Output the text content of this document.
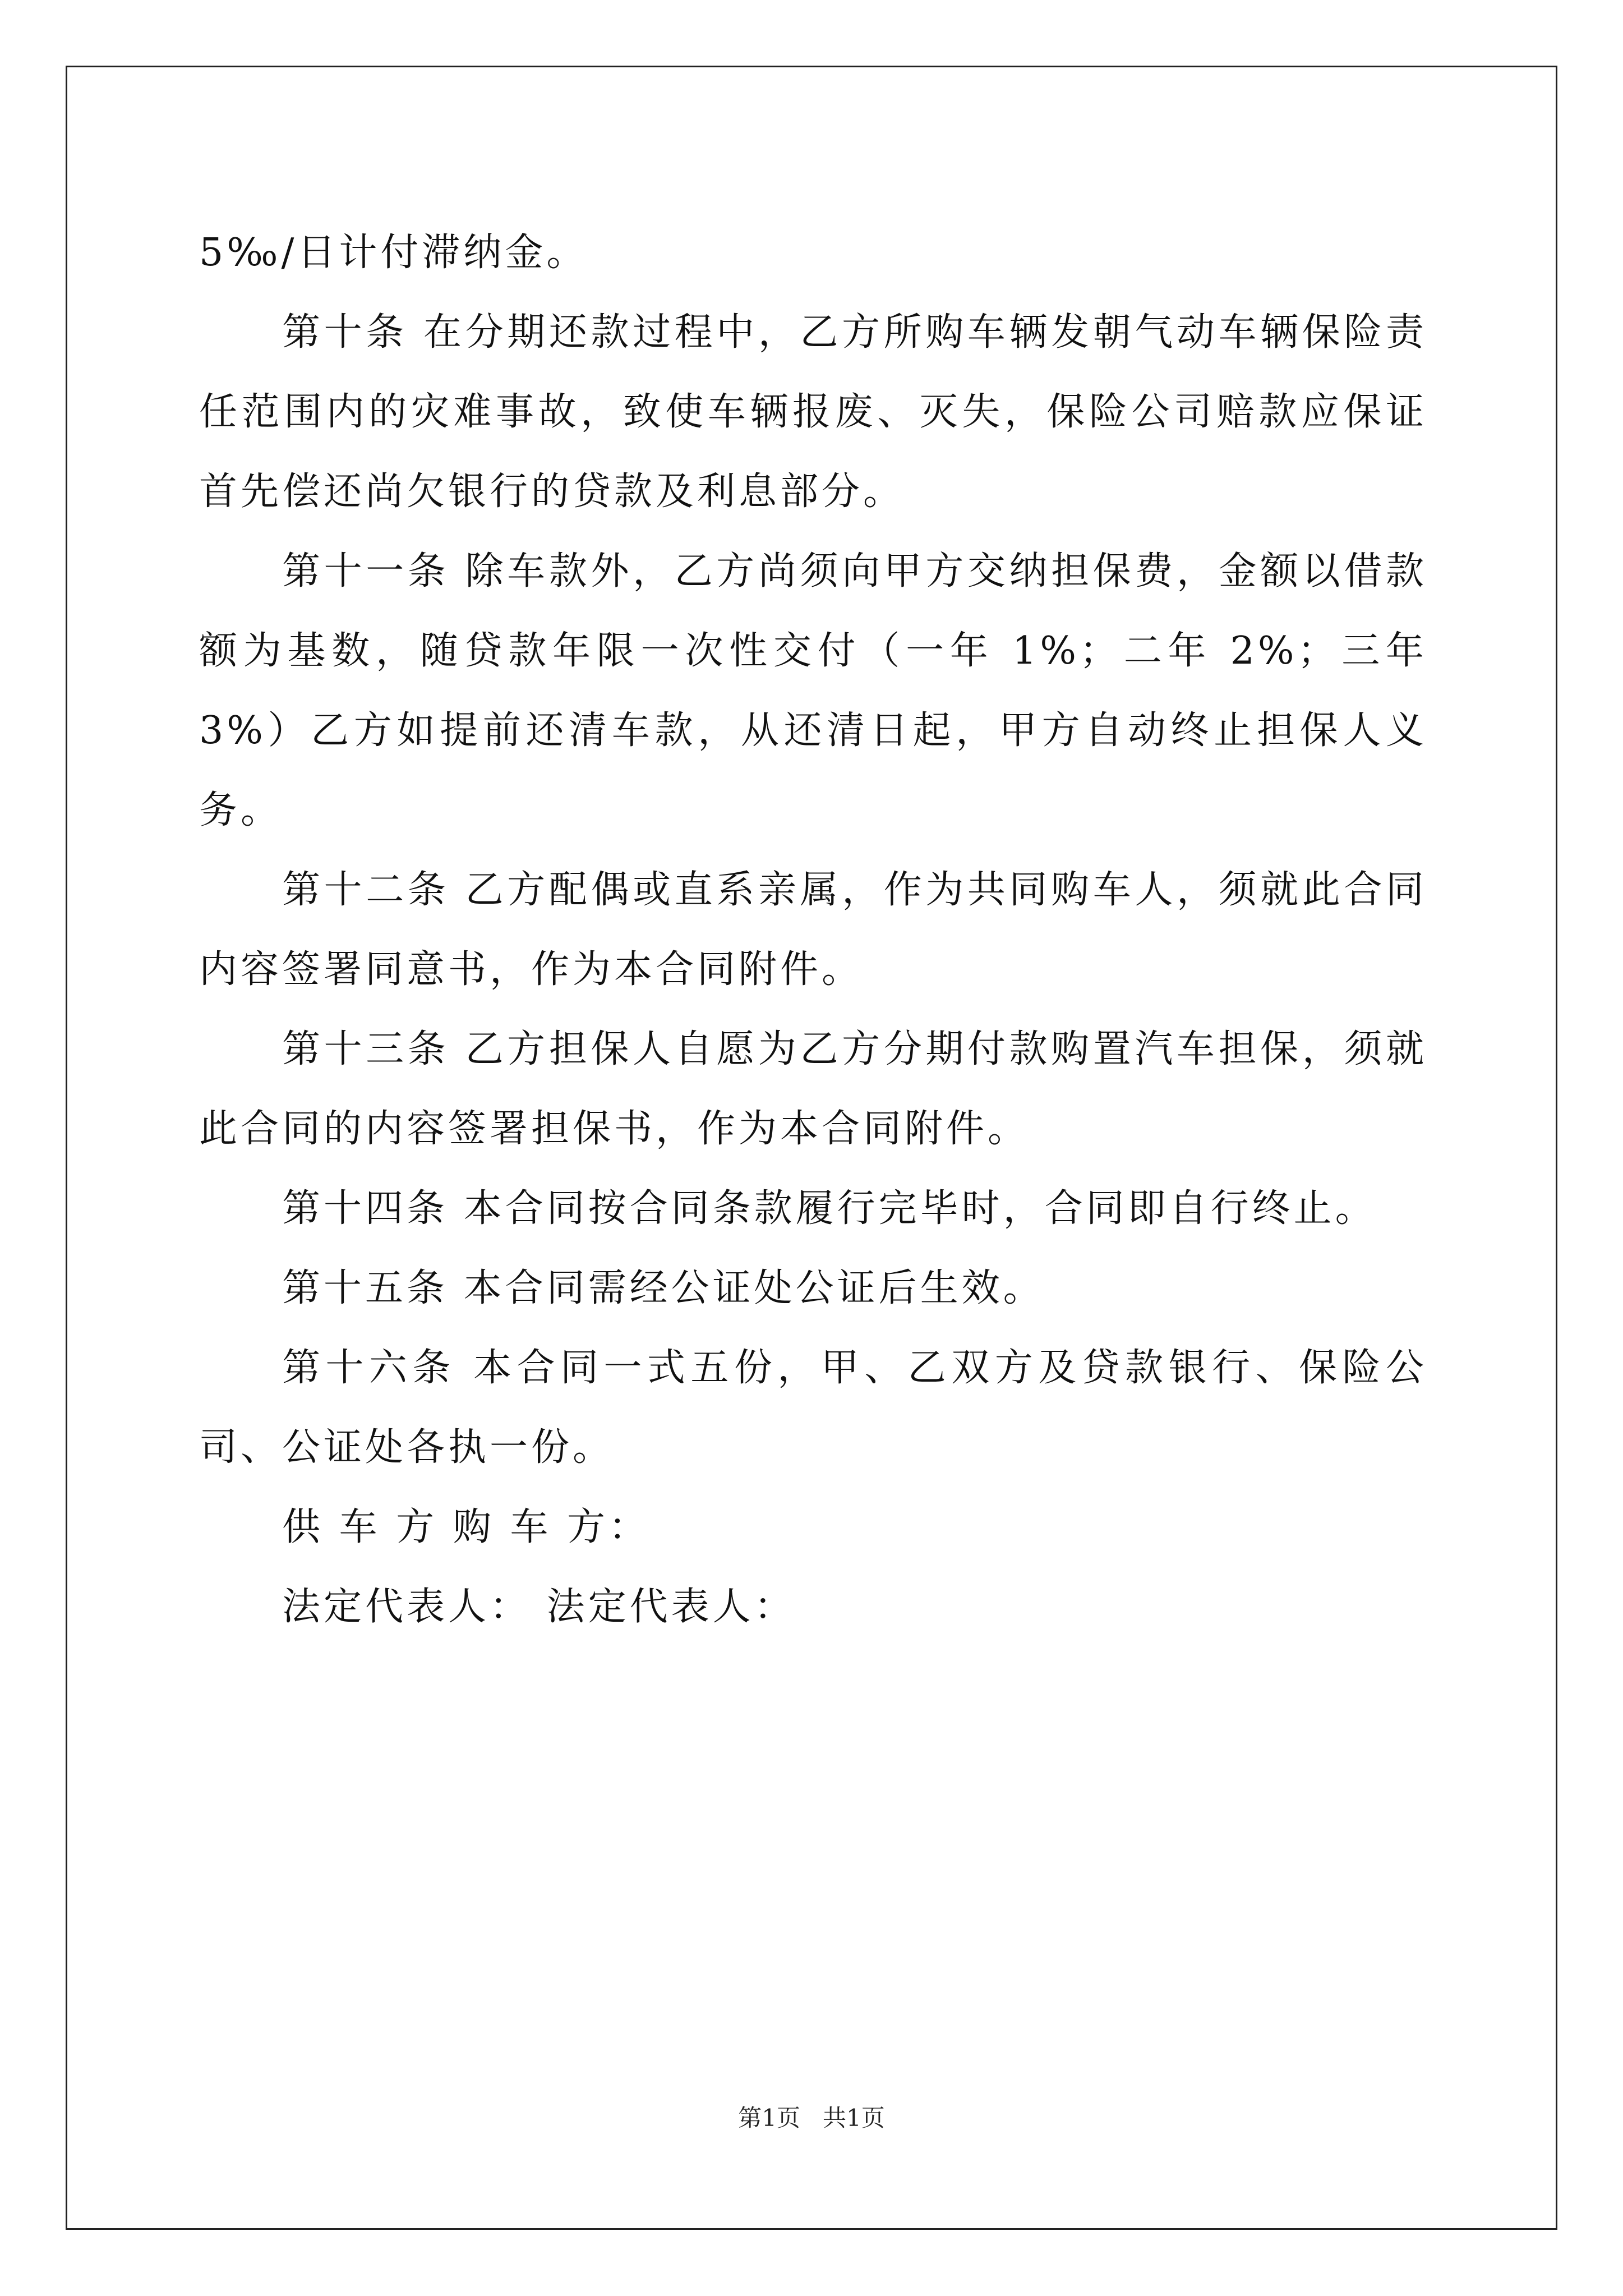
5‰/日计付滞纳金。

第十条 在分期还款过程中，乙方所购车辆发朝气动车辆保险责任范围内的灾难事故，致使车辆报废、灭失，保险公司赔款应保证首先偿还尚欠银行的贷款及利息部分。

第十一条 除车款外，乙方尚须向甲方交纳担保费，金额以借款额为基数，随贷款年限一次性交付（一年 1%；二年 2%；三年 3%）乙方如提前还清车款，从还清日起，甲方自动终止担保人义务。

第十二条 乙方配偶或直系亲属，作为共同购车人，须就此合同内容签署同意书，作为本合同附件。

第十三条 乙方担保人自愿为乙方分期付款购置汽车担保，须就此合同的内容签署担保书，作为本合同附件。

第十四条 本合同按合同条款履行完毕时，合同即自行终止。

第十五条 本合同需经公证处公证后生效。

第十六条 本合同一式五份，甲、乙双方及贷款银行、保险公司、公证处各执一份。

供 车 方 购 车 方：

法定代表人： 法定代表人：

第1页 共1页
